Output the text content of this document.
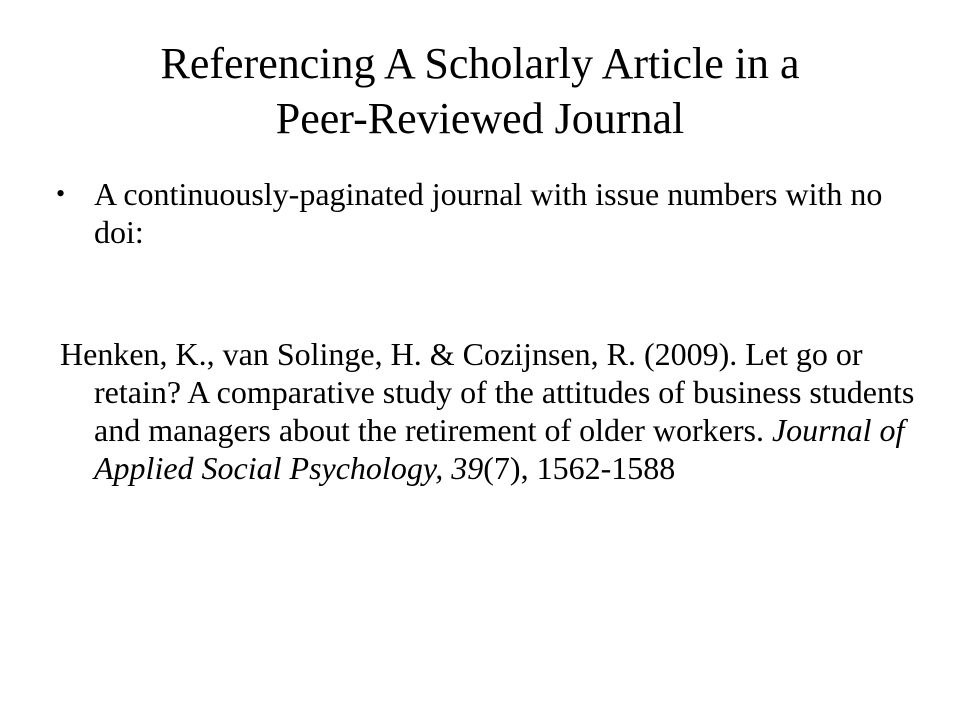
Referencing A Scholarly Article in a
Peer-Reviewed Journal
• A continuously-paginated journal with issue numbers with no doi:

Henken, K., van Solinge, H. & Cozijnsen, R. (2009). Let go or retain? A comparative study of the attitudes of business students and managers about the retirement of older workers. Journal of Applied Social Psychology, 39(7), 1562-1588
